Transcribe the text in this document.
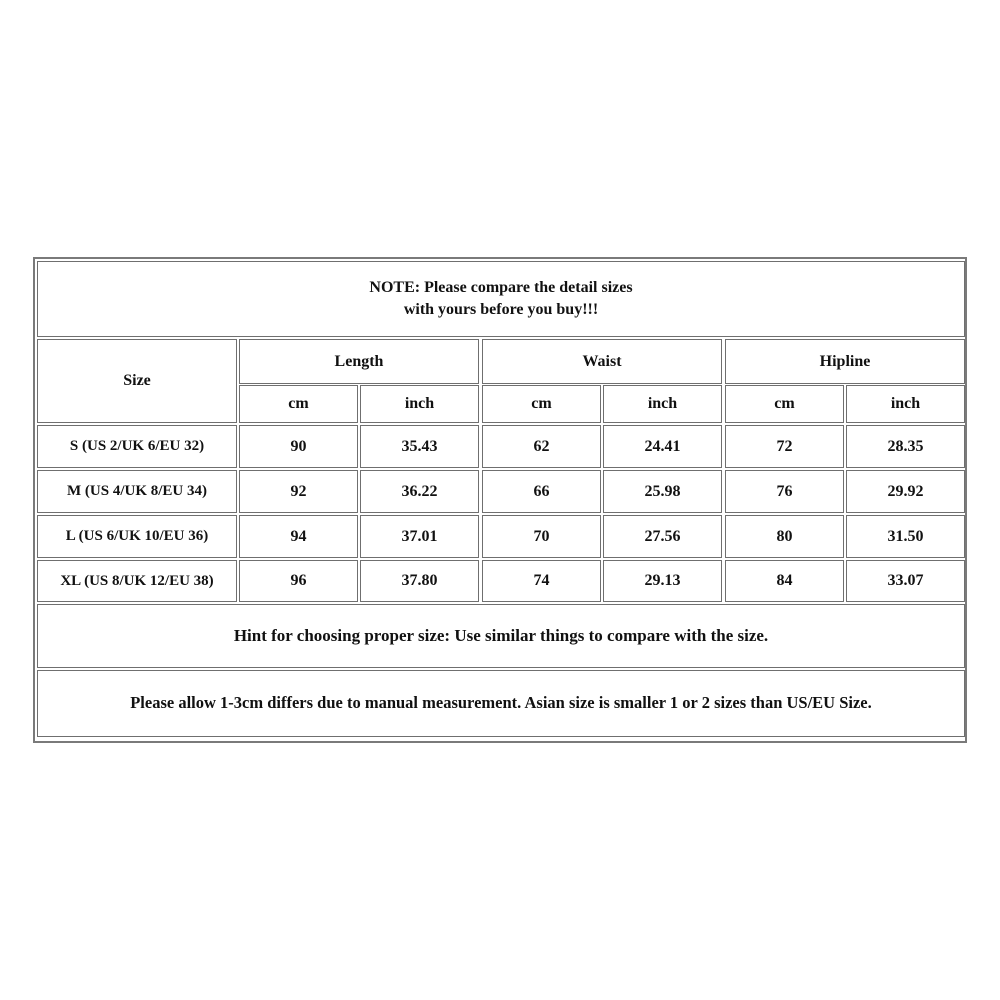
NOTE: Please compare the detail sizes
with yours before you buy!!!
Size
Length	Waist	Hipline
cm	inch	cm	inch	cm	inch
S (US 2/UK 6/EU 32)	90	35.43	62	24.41	72	28.35
M (US 4/UK 8/EU 34)	92	36.22	66	25.98	76	29.92
L (US 6/UK 10/EU 36)	94	37.01	70	27.56	80	31.50
XL (US 8/UK 12/EU 38)	96	37.80	74	29.13	84	33.07
Hint for choosing proper size: Use similar things to compare with the size.
Please allow 1-3cm differs due to manual measurement. Asian size is smaller 1 or 2 sizes than US/EU Size.
